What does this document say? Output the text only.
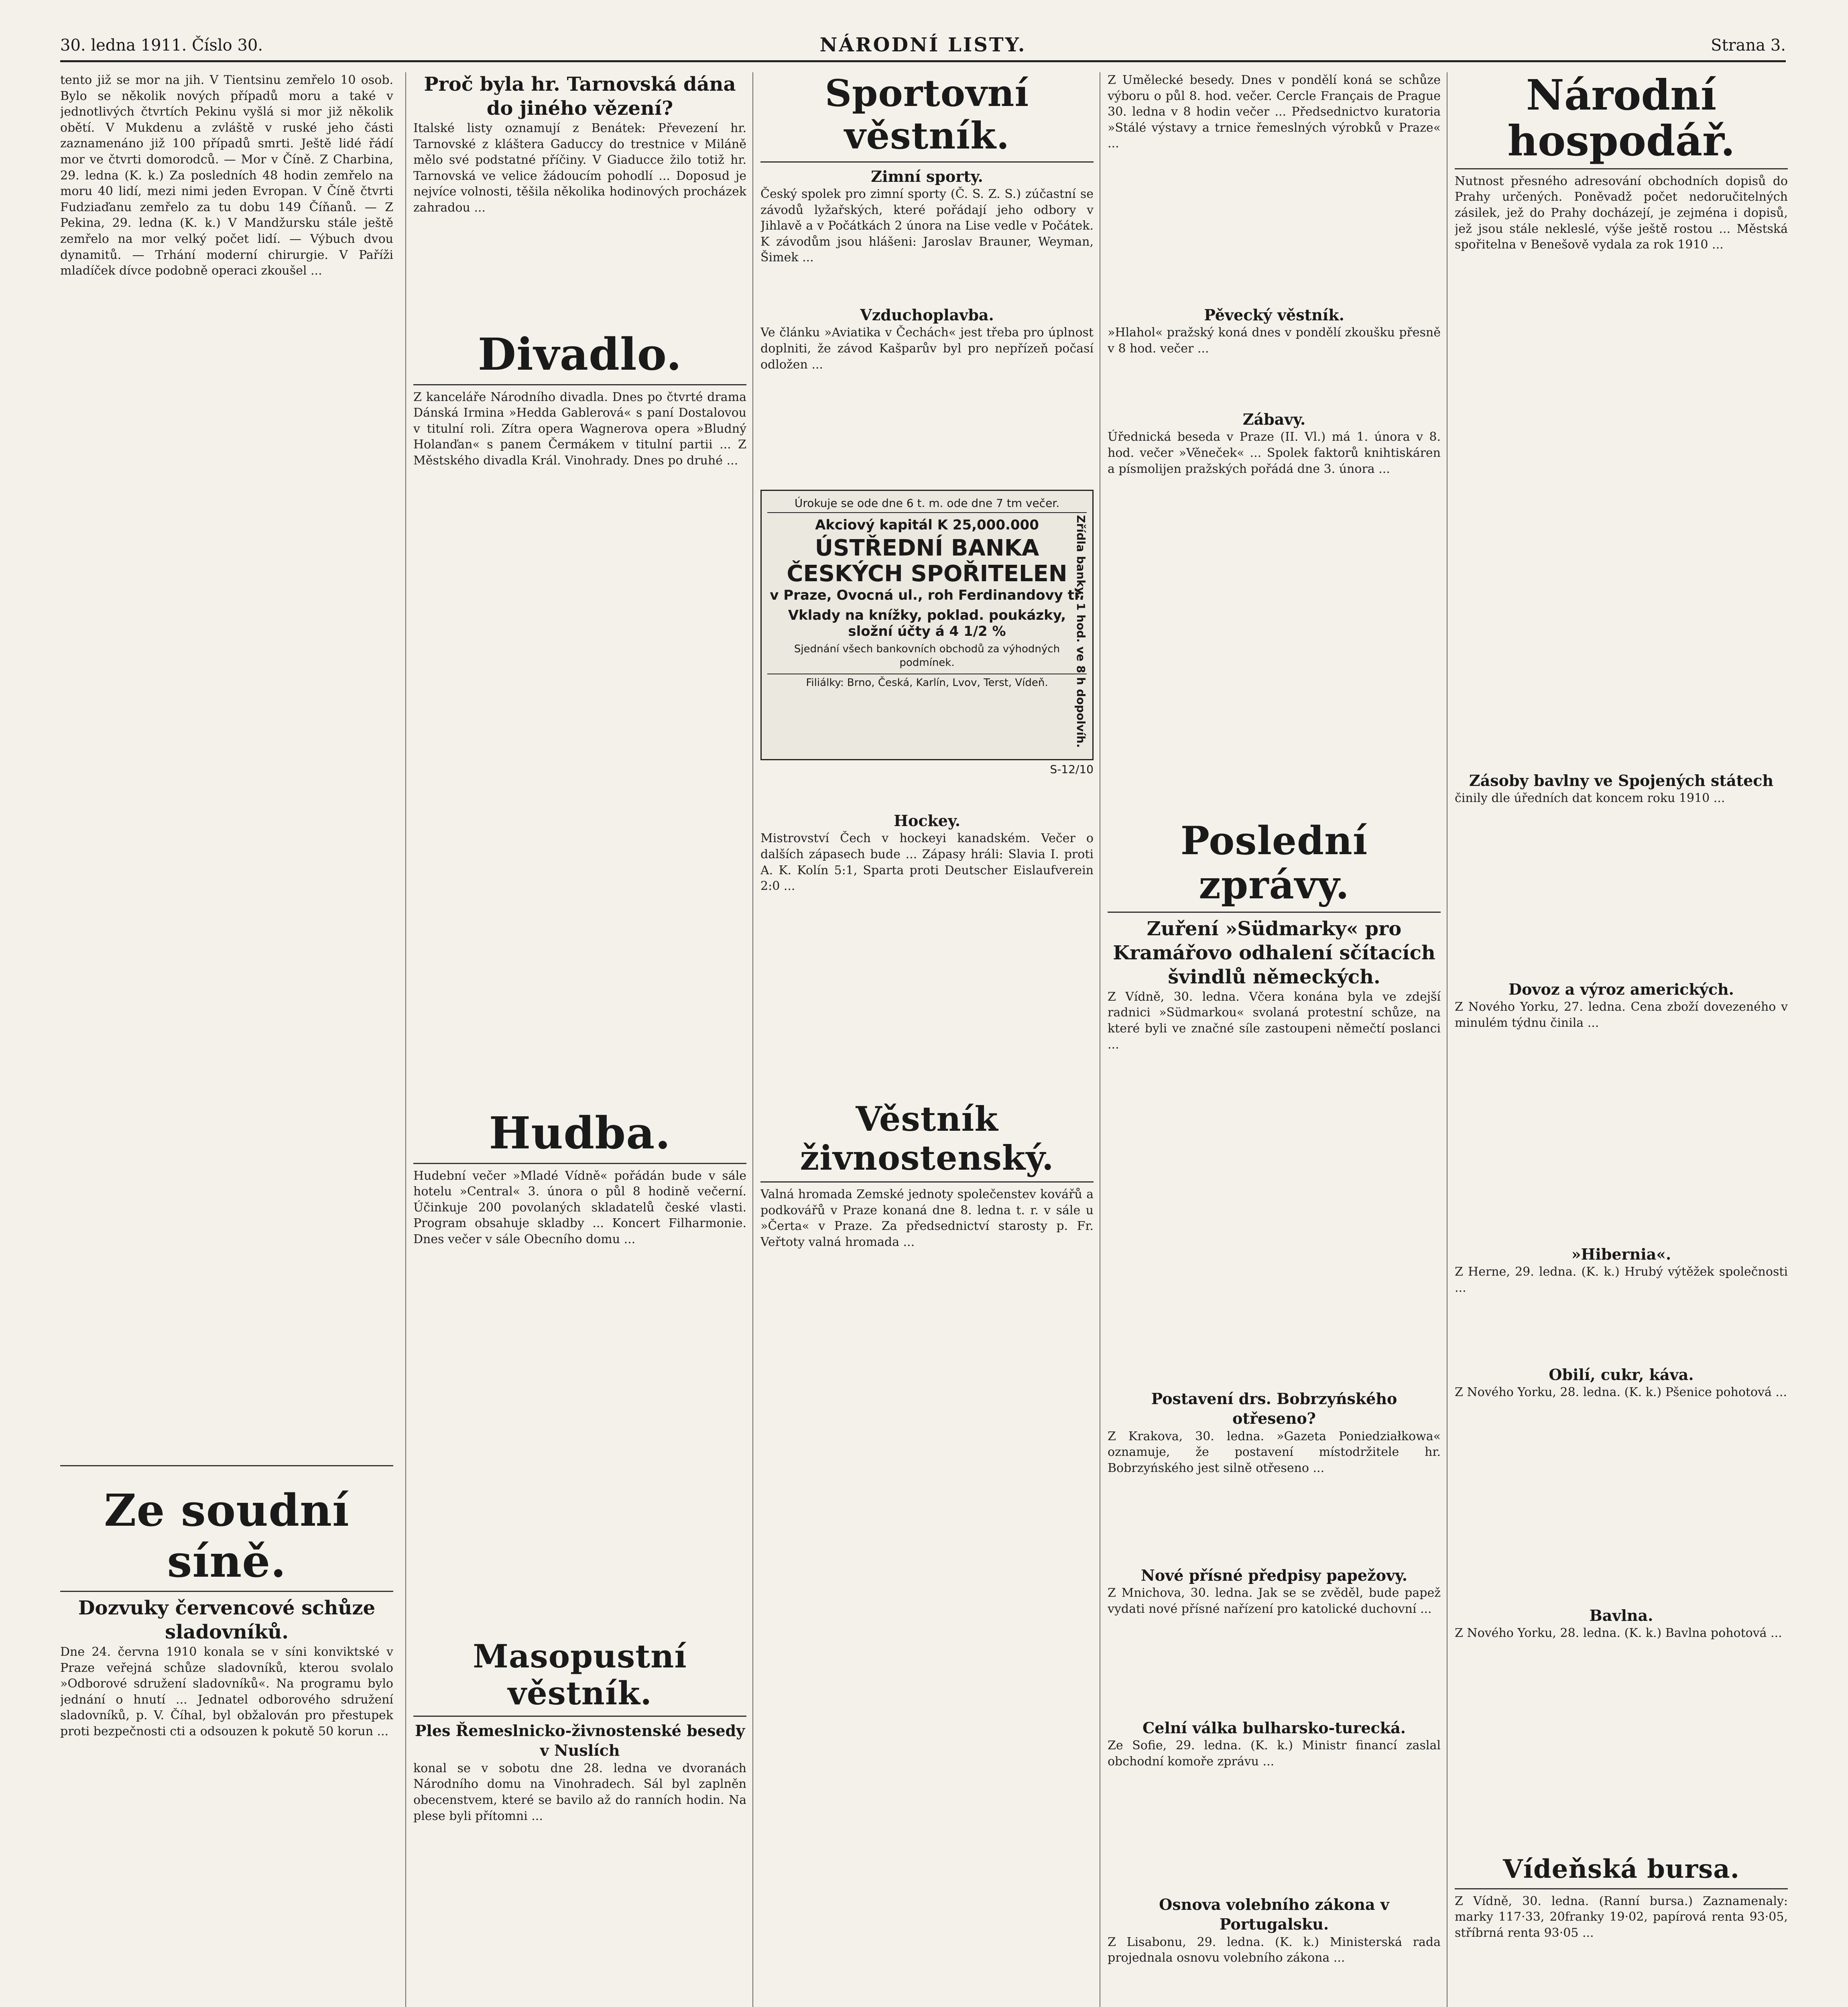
30. ledna 1911. Číslo 30.	NÁRODNÍ LISTY.	Strana 3.
tento již se mor na jih. V Tientsinu zemřelo 10 osob. Bylo se několik nových případů moru a také v jednotlivých čtvrtích Pekinu vyšlá si mor již několik obětí. V Mukdenu a zvláště v ruské jeho části zaznamenáno již 100 případů smrti. Ještě lidé řádí mor ve čtvrti domorodců. — Mor v Číně. Z Charbina, 29. ledna (K. k.) Za posledních 48 hodin zemřelo na moru 40 lidí, mezi nimi jeden Evropan. V Číně čtvrti Fudziaďanu zemřelo za tu dobu 149 Číňanů. — Z Pekina, 29. ledna (K. k.) V Mandžursku stále ještě zemřelo na mor velký počet lidí. — Výbuch dvou dynamitů. — Trhání moderní chirurgie. V Paříži mladíček dívce podobně operaci zkoušel ...
Ze soudní síně.
Dozvuky červencové schůze sladovníků.
Dne 24. června 1910 konala se v síni konviktské v Praze veřejná schůze sladovníků, kterou svolalo »Odborové sdružení sladovníků«. Na programu bylo jednání o hnutí ... Jednatel odborového sdružení sladovníků, p. V. Číhal, byl obžalován pro přestupek proti bezpečnosti cti a odsouzen k pokutě 50 korun ...
Proč byla hr. Tarnovská dána do jiného vězení?
Italské listy oznamují z Benátek: Převezení hr. Tarnovské z kláštera Gaduccy do trestnice v Miláně mělo své podstatné příčiny. V Giaducce žilo totiž hr. Tarnovská ve velice žádoucím pohodlí ... Doposud je nejvíce volnosti, těšila několika hodinových procházek zahradou ...
Divadlo.
Z kanceláře Národního divadla. Dnes po čtvrté drama Dánská Irmina »Hedda Gablerová« s paní Dostalovou v titulní roli. Zítra opera Wagnerova opera »Bludný Holanďan« s panem Čermákem v titulní partii ... Z Městského divadla Král. Vinohrady. Dnes po druhé ...
Hudba.
Hudební večer »Mladé Vídně« pořádán bude v sále hotelu »Central« 3. února o půl 8 hodině večerní. Účinkuje 200 povolaných skladatelů české vlasti. Program obsahuje skladby ... Koncert Filharmonie. Dnes večer v sále Obecního domu ...
Masopustní věstník.
Ples Řemeslnicko-živnostenské besedy v Nuslích
konal se v sobotu dne 28. ledna ve dvoranách Národního domu na Vinohradech. Sál byl zaplněn obecenstvem, které se bavilo až do ranních hodin. Na plese byli přítomni ...
Sportovní věstník.
Zimní sporty.
Český spolek pro zimní sporty (Č. S. Z. S.) zúčastní se závodů lyžařských, které pořádají jeho odbory v Jihlavě a v Počátkách 2 února na Lise vedle v Počátek. K závodům jsou hlášeni: Jaroslav Brauner, Weyman, Šimek ...
Vzduchoplavba.
Ve článku »Aviatika v Čechách« jest třeba pro úplnost doplniti, že závod Kašparův byl pro nepřízeň počasí odložen ...
Úrokuje se ode dne 6 t. m. ode dne 7 tm večer.
Akciový kapitál K 25,000.000
ÚSTŘEDNÍ BANKA ČESKÝCH SPOŘITELEN
v Praze, Ovocná ul., roh Ferdinandovy tř.
Vklady na knížky, poklad. poukázky, složní účty á 4 1/2 %
Sjednání všech bankovních obchodů za výhodných podmínek.
Filiálky: Brno, Česká, Karlín, Lvov, Terst, Vídeň.	Zřídla banky: 1 hod. ve 8 h dopolvíh.
S-12/10
Hockey.
Mistrovství Čech v hockeyi kanadském. Večer o dalších zápasech bude ... Zápasy hráli: Slavia I. proti A. K. Kolín 5:1, Sparta proti Deutscher Eislaufverein 2:0 ...
Věstník živnostenský.
Valná hromada Zemské jednoty společenstev kovářů a podkovářů v Praze konaná dne 8. ledna t. r. v sále u »Čerta« v Praze. Za předsednictví starosty p. Fr. Veřtoty valná hromada ...
Z Umělecké besedy. Dnes v pondělí koná se schůze výboru o půl 8. hod. večer. Cercle Français de Prague 30. ledna v 8 hodin večer ... Předsednictvo kuratoria »Stálé výstavy a trnice řemeslných výrobků v Praze« ...
Pěvecký věstník.
»Hlahol« pražský koná dnes v pondělí zkoušku přesně v 8 hod. večer ...
Zábavy.
Úřednická beseda v Praze (II. Vl.) má 1. února v 8. hod. večer »Věneček« ... Spolek faktorů knihtiskáren a písmolijen pražských pořádá dne 3. února ...
Poslední zprávy.
Zuření »Südmarky« pro Kramářovo odhalení sčítacích švindlů německých.
Z Vídně, 30. ledna. Včera konána byla ve zdejší radnici »Südmarkou« svolaná protestní schůze, na které byli ve značné síle zastoupeni němečtí poslanci ...
Postavení drs. Bobrzyńského otřeseno?
Z Krakova, 30. ledna. »Gazeta Poniedziałkowa« oznamuje, že postavení místodržitele hr. Bobrzyńského jest silně otřeseno ...
Nové přísné předpisy papežovy.
Z Mnichova, 30. ledna. Jak se se zvěděl, bude papež vydati nové přísné nařízení pro katolické duchovní ...
Celní válka bulharsko-turecká.
Ze Sofie, 29. ledna. (K. k.) Ministr financí zaslal obchodní komoře zprávu ...
Osnova volebního zákona v Portugalsku.
Z Lisabonu, 29. ledna. (K. k.) Ministerská rada projednala osnovu volebního zákona ...
Národní hospodář.
Nutnost přesného adresování obchodních dopisů do Prahy určených. Poněvadž počet nedoručitelných zásilek, jež do Prahy docházejí, je zejména i dopisů, jež jsou stále nekleslé, výše ještě rostou ... Městská spořitelna v Benešově vydala za rok 1910 ...
Zásoby bavlny ve Spojených státech
činily dle úředních dat koncem roku 1910 ...
Dovoz a výroz amerických.
Z Nového Yorku, 27. ledna. Cena zboží dovezeného v minulém týdnu činila ...
»Hibernia«.
Z Herne, 29. ledna. (K. k.) Hrubý výtěžek společnosti ...
Obilí, cukr, káva.
Z Nového Yorku, 28. ledna. (K. k.) Pšenice pohotová ...
Bavlna.
Z Nového Yorku, 28. ledna. (K. k.) Bavlna pohotová ...
Vídeňská bursa.
Z Vídně, 30. ledna. (Ranní bursa.) Zaznamenaly: marky 117·33, 20franky 19·02, papírová renta 93·05, stříbrná renta 93·05 ...
